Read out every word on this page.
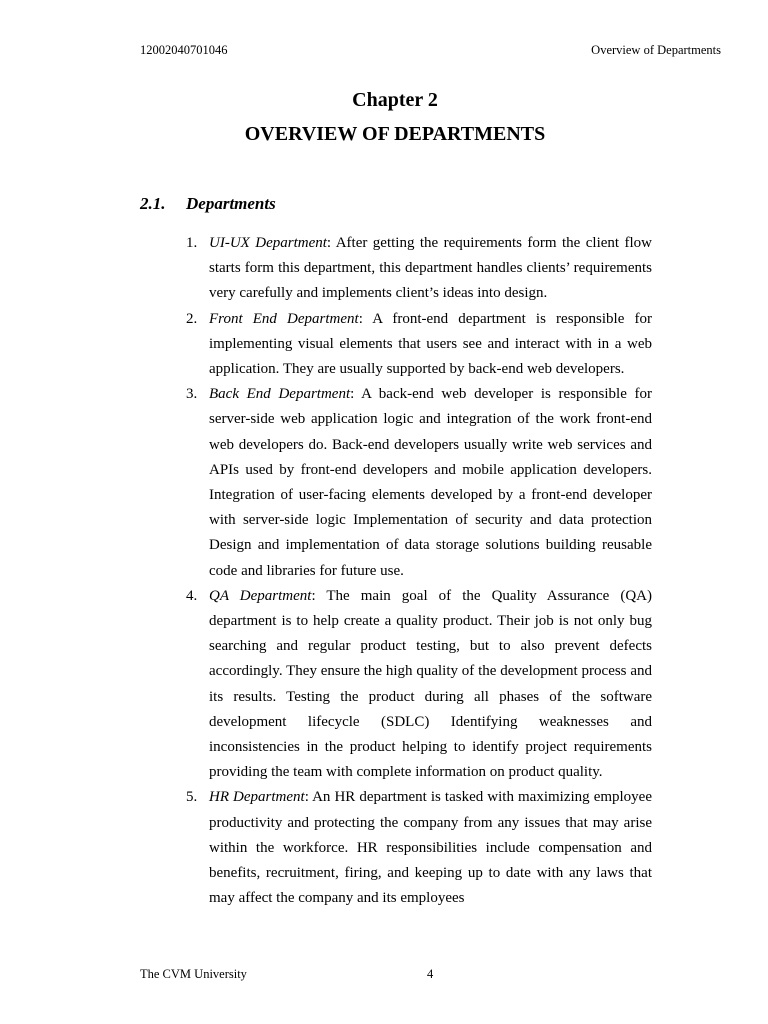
12002040701046	Overview of Departments
Chapter 2
OVERVIEW OF DEPARTMENTS
2.1. Departments
1. UI-UX Department: After getting the requirements form the client flow starts form this department, this department handles clients’ requirements very carefully and implements client’s ideas into design.
2. Front End Department: A front-end department is responsible for implementing visual elements that users see and interact with in a web application. They are usually supported by back-end web developers.
3. Back End Department: A back-end web developer is responsible for server-side web application logic and integration of the work front-end web developers do. Back-end developers usually write web services and APIs used by front-end developers and mobile application developers. Integration of user-facing elements developed by a front-end developer with server-side logic Implementation of security and data protection Design and implementation of data storage solutions building reusable code and libraries for future use.
4. QA Department: The main goal of the Quality Assurance (QA) department is to help create a quality product. Their job is not only bug searching and regular product testing, but to also prevent defects accordingly. They ensure the high quality of the development process and its results. Testing the product during all phases of the software development lifecycle (SDLC) Identifying weaknesses and inconsistencies in the product helping to identify project requirements providing the team with complete information on product quality.
5. HR Department: An HR department is tasked with maximizing employee productivity and protecting the company from any issues that may arise within the workforce. HR responsibilities include compensation and benefits, recruitment, firing, and keeping up to date with any laws that may affect the company and its employees
The CVM University	4
